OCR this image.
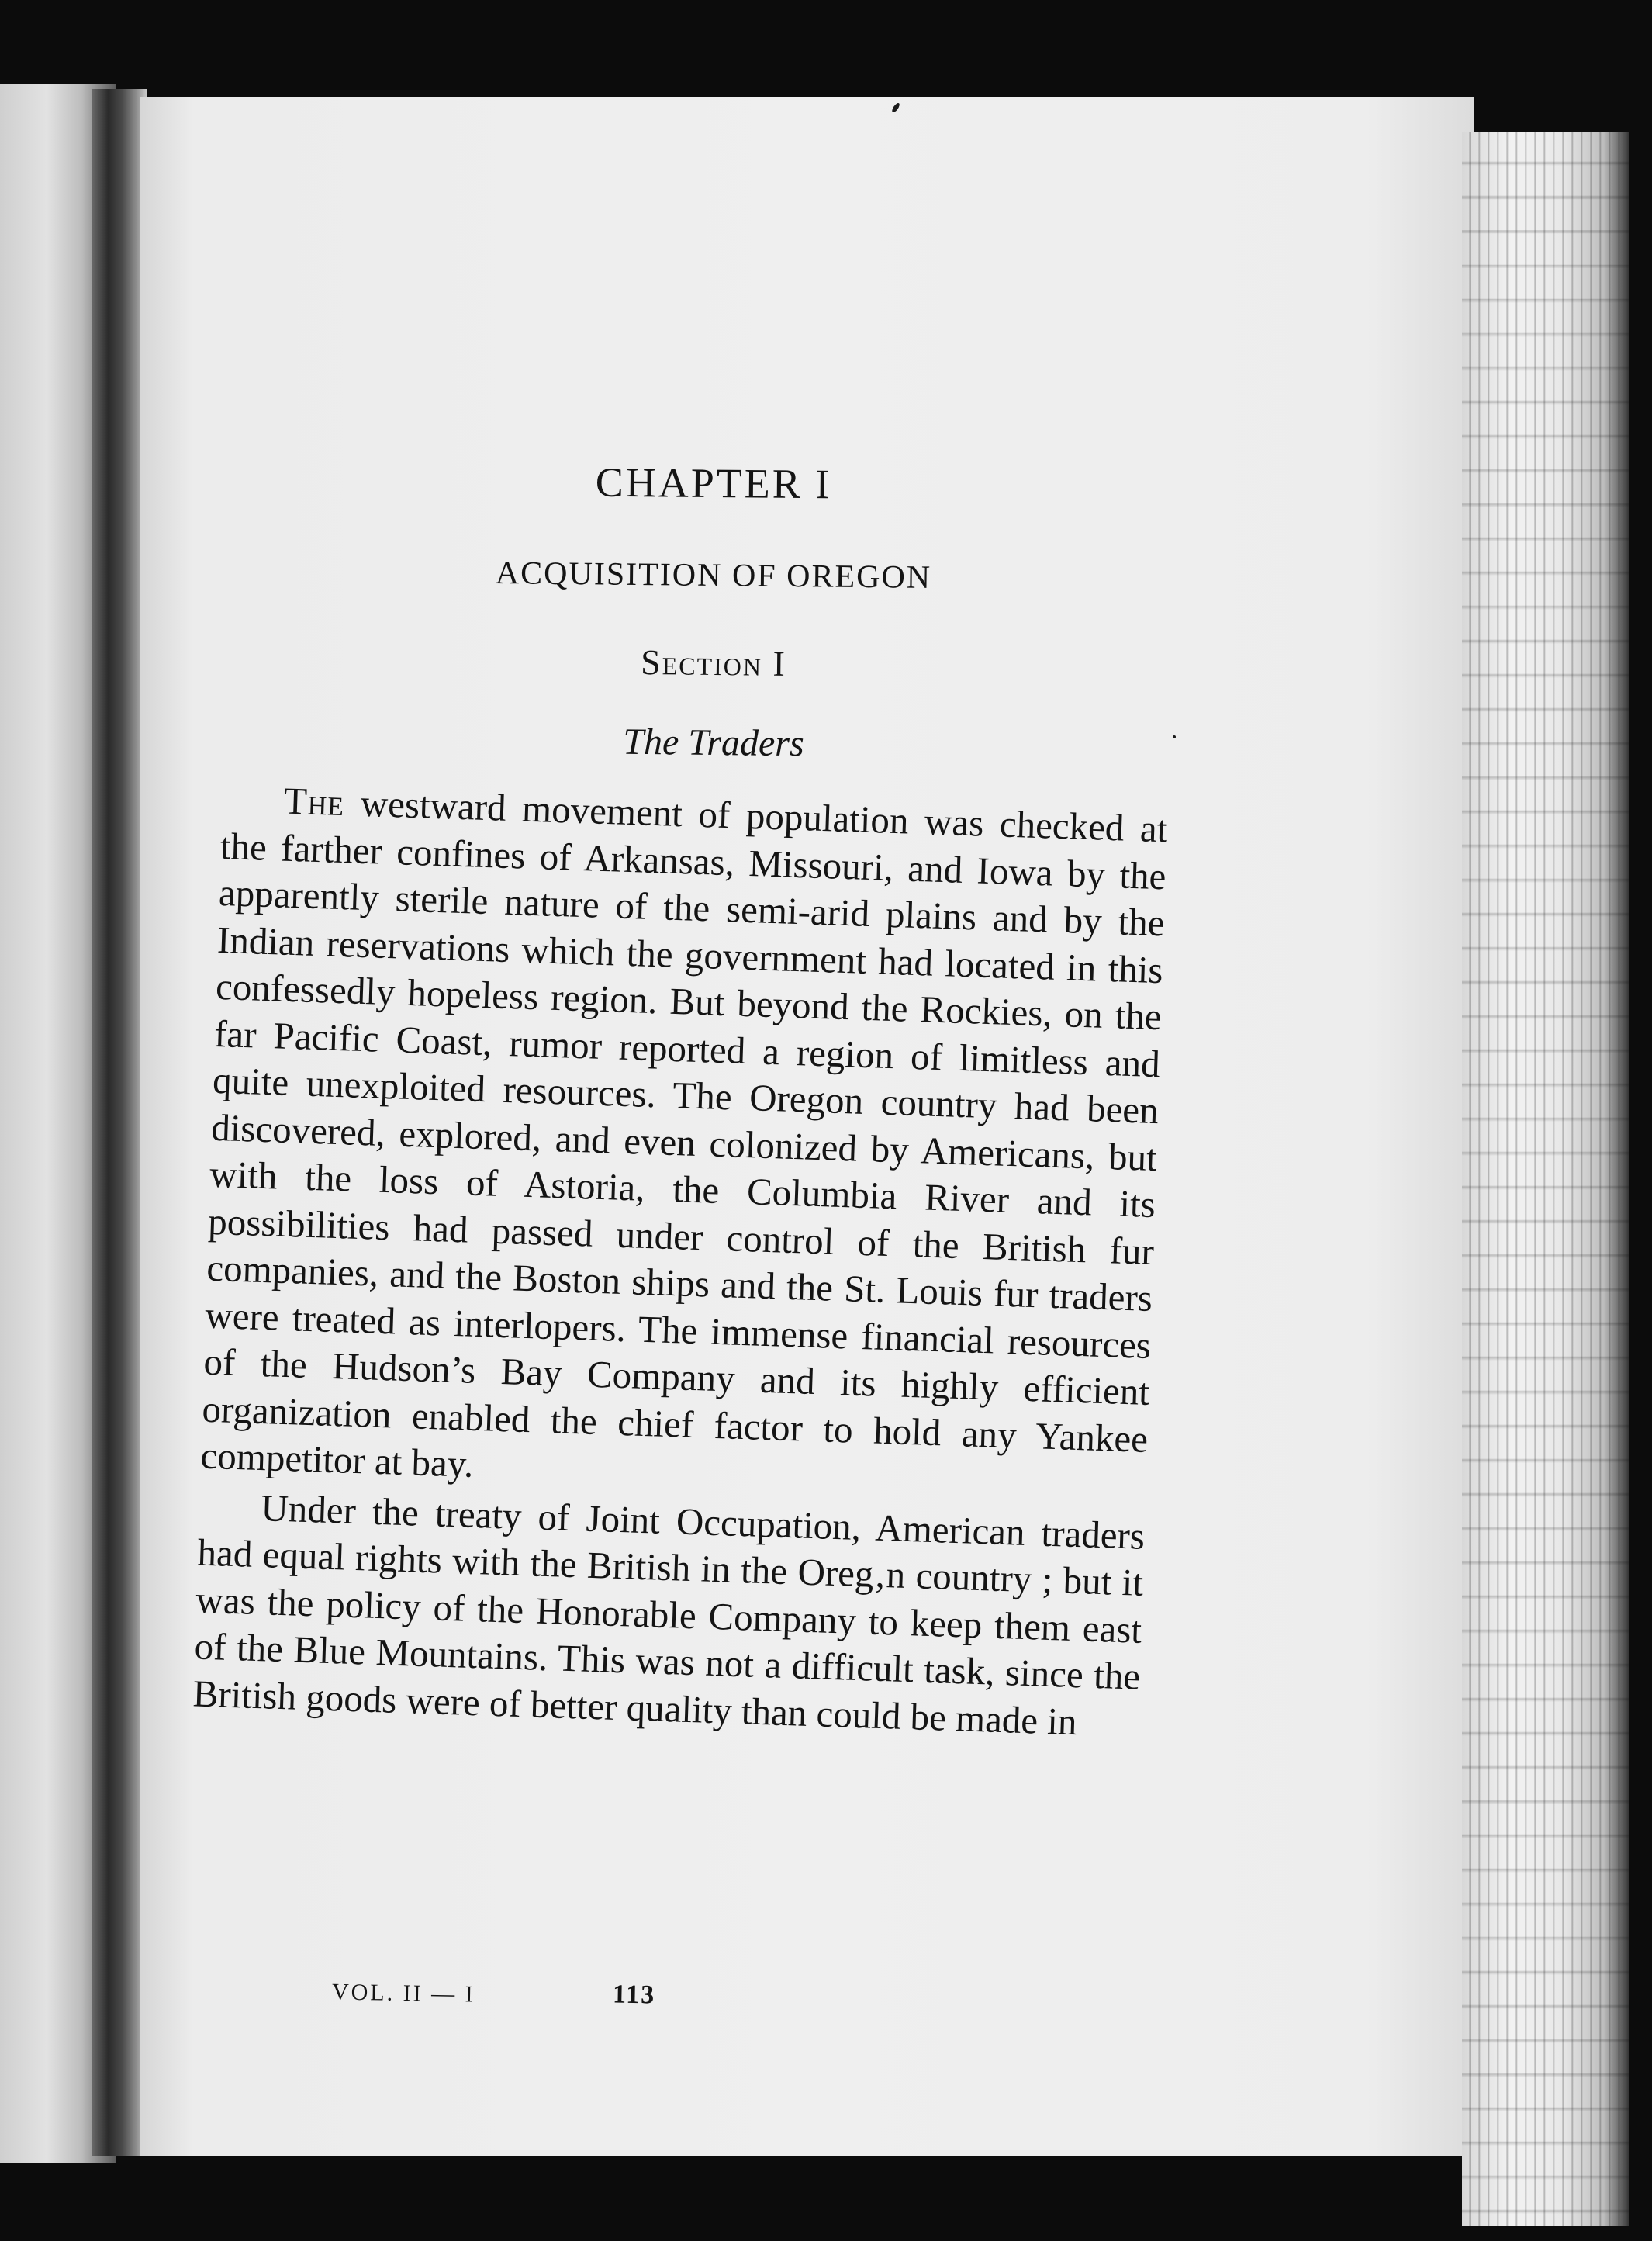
CHAPTER I
ACQUISITION OF OREGON
Section I
The Traders

The westward movement of population was checked at the farther confines of Arkansas, Missouri, and Iowa by the apparently sterile nature of the semi-arid plains and by the Indian reservations which the government had located in this confessedly hopeless region. But beyond the Rockies, on the far Pacific Coast, rumor reported a region of limitless and quite unexploited resources. The Oregon country had been discovered, explored, and even colonized by Americans, but with the loss of Astoria, the Columbia River and its possibilities had passed under control of the British fur companies, and the Boston ships and the St. Louis fur traders were treated as interlopers. The immense financial resources of the Hudson’s Bay Company and its highly efficient organization enabled the chief factor to hold any Yankee competitor at bay.

Under the treaty of Joint Occupation, American traders had equal rights with the British in the Oreg‚n country ; but it was the policy of the Honorable Company to keep them east of the Blue Mountains. This was not a difficult task, since the British goods were of better quality than could be made in

VOL. II — I	113
